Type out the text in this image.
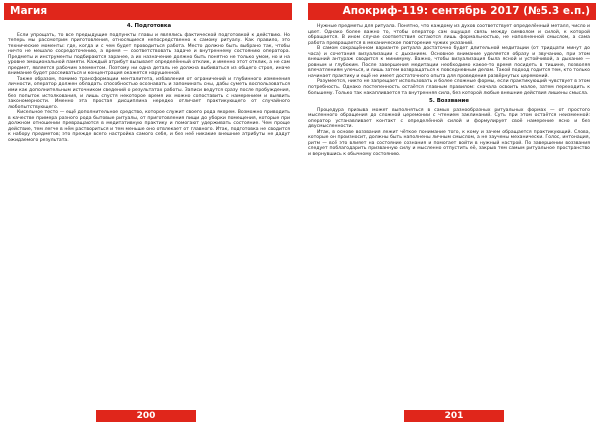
Магия	Апокриф-119: сентябрь 2017 (№5.3 е.п.)
4. Подготовка

Если упрощать, то все предыдущие подпункты главы и являлись фактической подготовкой к действию. Но теперь мы рассмотрим приготовления, относящиеся непосредственно к самому ритуалу. Как правило, это технические моменты: где, когда и с чем будет проводиться работа. Место должно быть выбрано так, чтобы ничто не мешало сосредоточению, а время — соответствовать задаче и внутреннему состоянию оператора. Предметы и инструменты подбираются заранее, а их назначение должно быть понятно не только умом, но и на уровне эмоциональной памяти. Каждый атрибут вызывает определённый отклик, и именно этот отклик, а не сам предмет, является рабочим элементом. Поэтому ни одна деталь не должна выбиваться из общего строя, иначе внимание будет рассеиваться и концентрация окажется нарушенной.

Также образом, помимо трансформации менталитета, избавления от ограничений и глубинного изменения личности, оператор должен обладать способностью осознавать и запоминать сны, дабы суметь воспользоваться ими как дополнительным источником сведений о результатах работы. Записи ведутся сразу после пробуждения, без попыток истолкования, и лишь спустя некоторое время их можно сопоставить с намерением и выявить закономерности. Именно эта простая дисциплина нередко отличает практикующего от случайного любопытствующего.

Кисельное тесто — ещё дополнительное средство, которое служит своего рода якорем. Возможно приводить в качестве примера разного рода бытовые ритуалы, от приготовления пищи до уборки помещения, которые при должном отношении превращаются в медитативную практику и помогают удерживать состояние. Чем проще действие, тем легче в нём раствориться и тем меньше оно отвлекает от главного. Итак, подготовка не сводится к набору предметов; это прежде всего настройка самого себя, и без неё никакие внешние атрибуты не дадут ожидаемого результата.

Нужные предметы для ритуала. Понятно, что каждому из духов соответствует определённый металл, число и цвет. Однако более важно то, чтобы оператор сам ощущал связь между символом и силой, к которой обращается. В ином случае соответствия остаются лишь формальностью, не наполненной смыслом, а сама работа превращается в механическое повторение чужих указаний.

В самом сокращённом варианте ритуала достаточно будет длительной медитации (от тридцати минут до часа) и сочетания визуализации с дыханием. Основное внимание уделяется образу и звучанию, при этом внешний антураж сводится к минимуму. Важно, чтобы визуализация была ясной и устойчивой, а дыхание — ровным и глубоким. После завершения медитации необходимо какое-то время посидеть в тишине, позволяя впечатлениям улечься, и лишь затем возвращаться к повседневным делам. Такой подход годится тем, кто только начинает практику и ещё не имеет достаточного опыта для проведения развёрнутых церемоний.

Разумеется, никто не запрещает использовать и более сложные формы, если практикующий чувствует в этом потребность. Однако постепенность остаётся главным правилом: сначала освоить малое, затем переходить к большему. Только так накапливается та внутренняя сила, без которой любые внешние действия лишены смысла.

5. Воззвание

Процедура призыва может выполняться в самых разнообразных ритуальных формах — от простого мысленного обращения до сложной церемонии с чтением заклинаний. Суть при этом остаётся неизменной: оператор устанавливает контакт с определённой силой и формулирует своё намерение ясно и без двусмысленности.

Итак, в основе воззвания лежит чёткое понимание того, к кому и зачем обращается практикующий. Слова, которые он произносит, должны быть наполнены личным смыслом, а не заучены механически. Голос, интонация, ритм — всё это влияет на состояние сознания и помогает войти в нужный настрой. По завершении воззвания следует поблагодарить призванную силу и мысленно отпустить её, закрыв тем самым ритуальное пространство и вернувшись к обычному состоянию.

200	201
